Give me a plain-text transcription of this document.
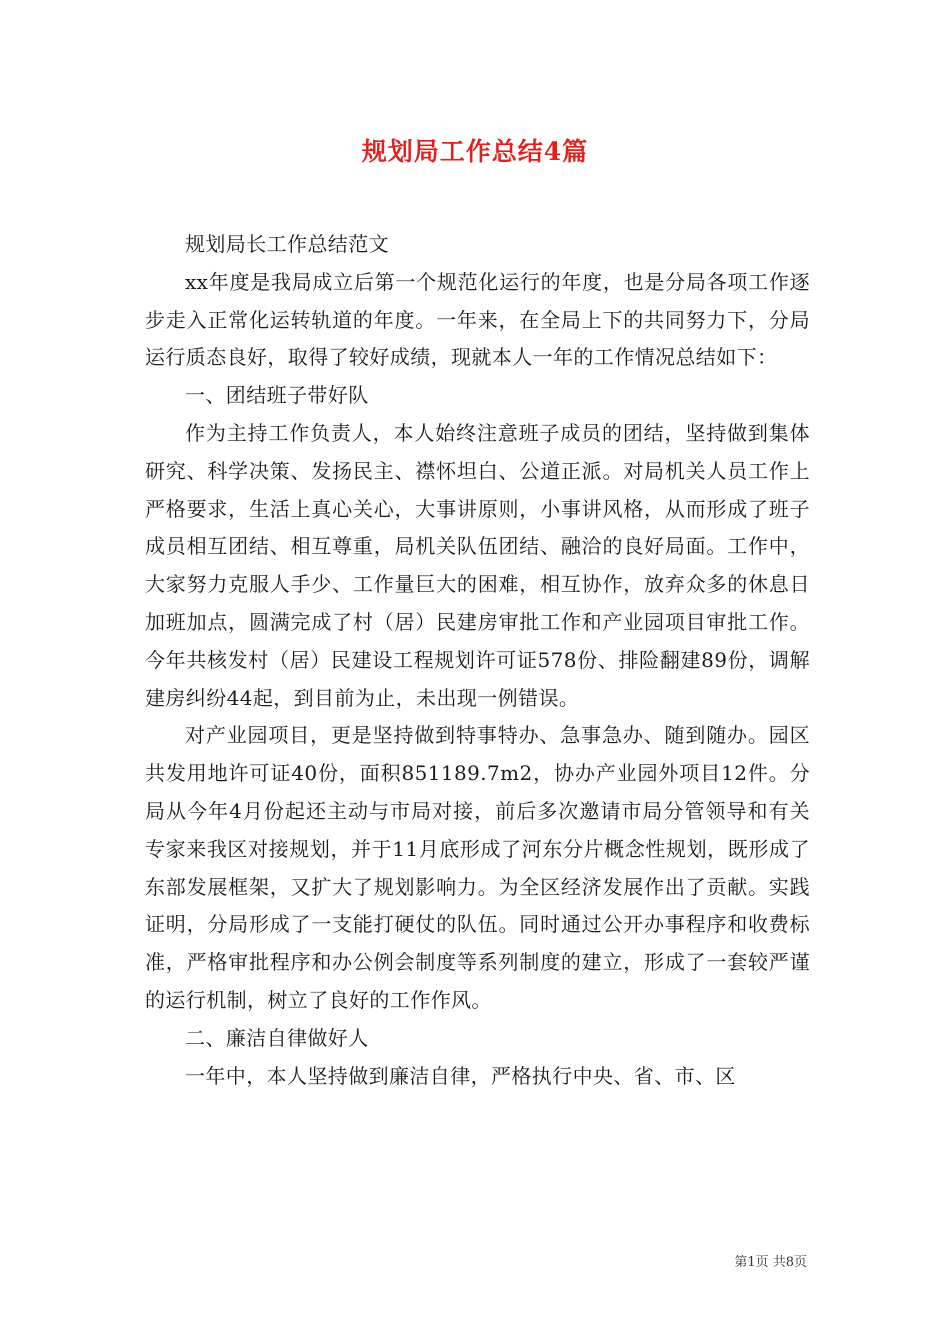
规划局工作总结4篇

规划局长工作总结范文

xx年度是我局成立后第一个规范化运行的年度，也是分局各项工作逐步走入正常化运转轨道的年度。一年来，在全局上下的共同努力下，分局运行质态良好，取得了较好成绩，现就本人一年的工作情况总结如下：

一、团结班子带好队

作为主持工作负责人，本人始终注意班子成员的团结，坚持做到集体研究、科学决策、发扬民主、襟怀坦白、公道正派。对局机关人员工作上严格要求，生活上真心关心，大事讲原则，小事讲风格，从而形成了班子成员相互团结、相互尊重，局机关队伍团结、融洽的良好局面。工作中，大家努力克服人手少、工作量巨大的困难，相互协作，放弃众多的休息日加班加点，圆满完成了村（居）民建房审批工作和产业园项目审批工作。今年共核发村（居）民建设工程规划许可证578份、排险翻建89份，调解建房纠纷44起，到目前为止，未出现一例错误。

对产业园项目，更是坚持做到特事特办、急事急办、随到随办。园区共发用地许可证40份，面积851189.7m2，协办产业园外项目12件。分局从今年4月份起还主动与市局对接，前后多次邀请市局分管领导和有关专家来我区对接规划，并于11月底形成了河东分片概念性规划，既形成了东部发展框架，又扩大了规划影响力。为全区经济发展作出了贡献。实践证明，分局形成了一支能打硬仗的队伍。同时通过公开办事程序和收费标准，严格审批程序和办公例会制度等系列制度的建立，形成了一套较严谨的运行机制，树立了良好的工作作风。

二、廉洁自律做好人

一年中，本人坚持做到廉洁自律，严格执行中央、省、市、区

第1页 共8页
